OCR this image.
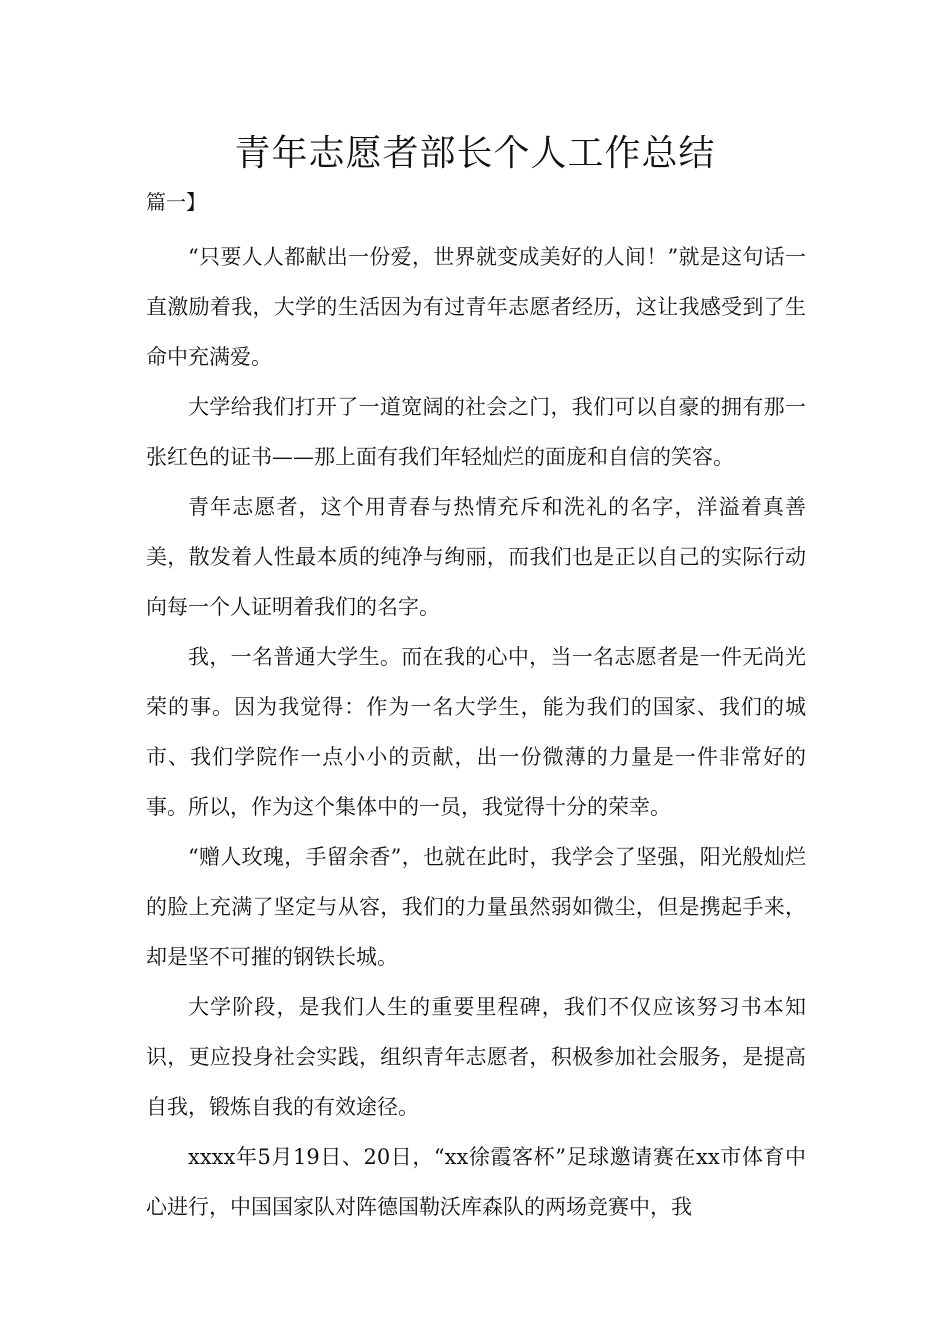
青年志愿者部长个人工作总结
篇一】

“只要人人都献出一份爱，世界就变成美好的人间！”就是这句话一直激励着我，大学的生活因为有过青年志愿者经历，这让我感受到了生命中充满爱。

大学给我们打开了一道宽阔的社会之门，我们可以自豪的拥有那一张红色的证书——那上面有我们年轻灿烂的面庞和自信的笑容。

青年志愿者，这个用青春与热情充斥和洗礼的名字，洋溢着真善美，散发着人性最本质的纯净与绚丽，而我们也是正以自己的实际行动向每一个人证明着我们的名字。

我，一名普通大学生。而在我的心中，当一名志愿者是一件无尚光荣的事。因为我觉得：作为一名大学生，能为我们的国家、我们的城市、我们学院作一点小小的贡献，出一份微薄的力量是一件非常好的事。所以，作为这个集体中的一员，我觉得十分的荣幸。

“赠人玫瑰，手留余香”，也就在此时，我学会了坚强，阳光般灿烂的脸上充满了坚定与从容，我们的力量虽然弱如微尘，但是携起手来，却是坚不可摧的钢铁长城。

大学阶段，是我们人生的重要里程碑，我们不仅应该努习书本知识，更应投身社会实践，组织青年志愿者，积极参加社会服务，是提高自我，锻炼自我的有效途径。

xxxx年5月19日、20日，“xx徐霞客杯”足球邀请赛在xx市体育中心进行，中国国家队对阵德国勒沃库森队的两场竞赛中，我
